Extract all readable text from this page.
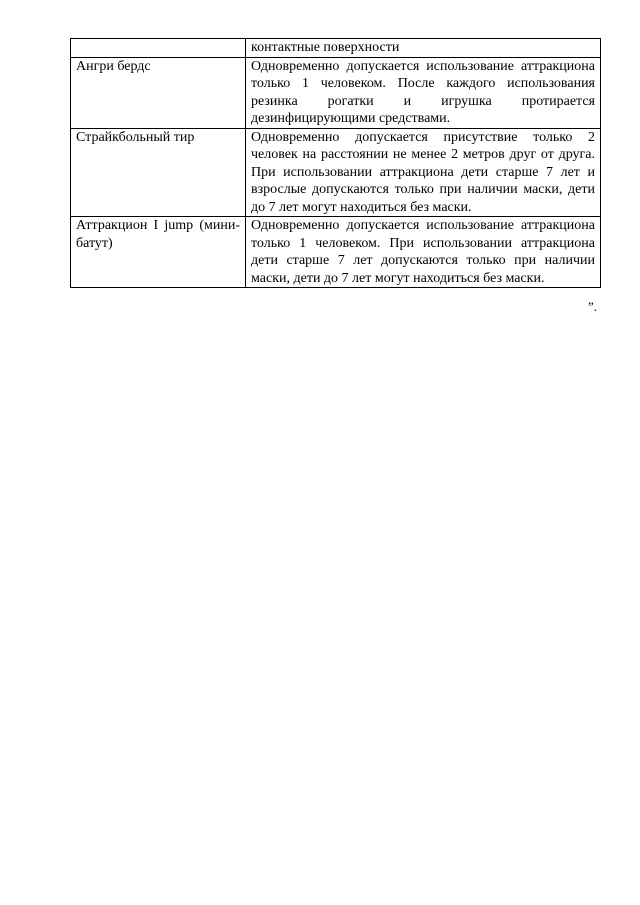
	контактные поверхности
Ангри бердс	Одновременно допускается использование аттракциона только 1 человеком. После каждого использования резинка рогатки и игрушка протирается дезинфицирующими средствами.
Страйкбольный тир	Одновременно допускается присутствие только 2 человек на расстоянии не менее 2 метров друг от друга. При использовании аттракциона дети старше 7 лет и взрослые допускаются только при наличии маски, дети до 7 лет могут находиться без маски.
Аттракцион I jump (мини-батут)	Одновременно допускается использование аттракциона только 1 человеком. При использовании аттракциона дети старше 7 лет допускаются только при наличии маски, дети до 7 лет могут находиться без маски.
”.
